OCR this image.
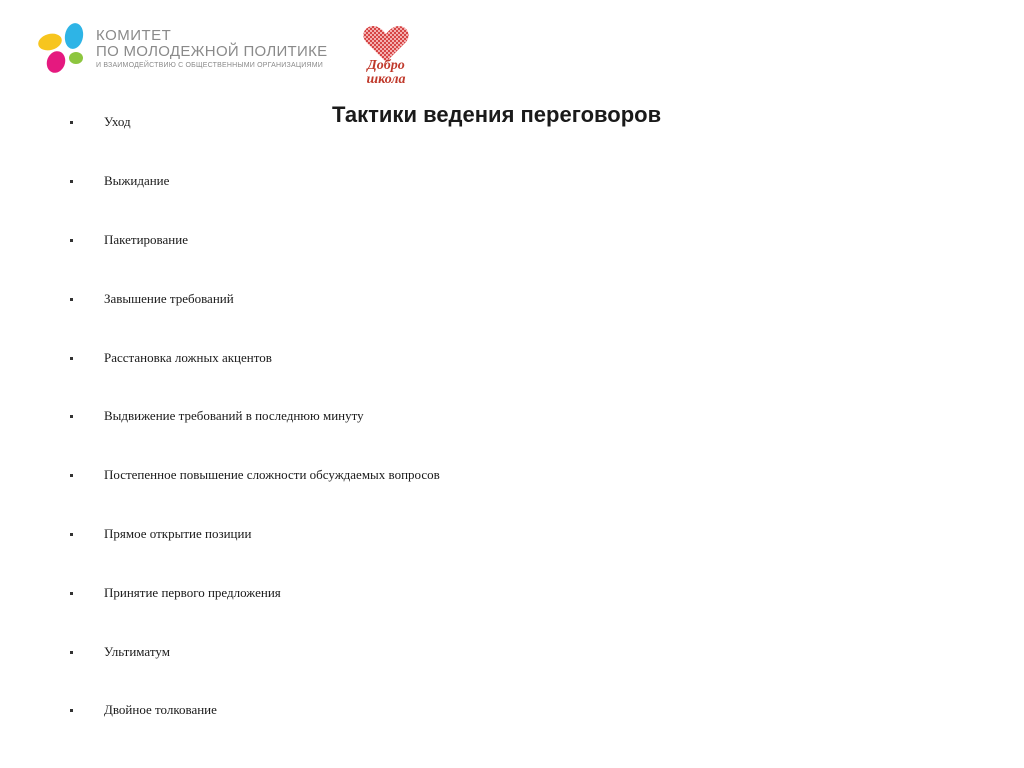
КОМИТЕТ
ПО МОЛОДЕЖНОЙ ПОЛИТИКЕ
И ВЗАИМОДЕЙСТВИЮ С ОБЩЕСТВЕННЫМИ ОРГАНИЗАЦИЯМИ	Добро
школа
Тактики ведения переговоров
Уход
Выжидание
Пакетирование
Завышение требований
Расстановка ложных акцентов
Выдвижение требований в последнюю минуту
Постепенное повышение сложности обсуждаемых вопросов
Прямое открытие позиции
Принятие первого предложения
Ультиматум
Двойное толкование
